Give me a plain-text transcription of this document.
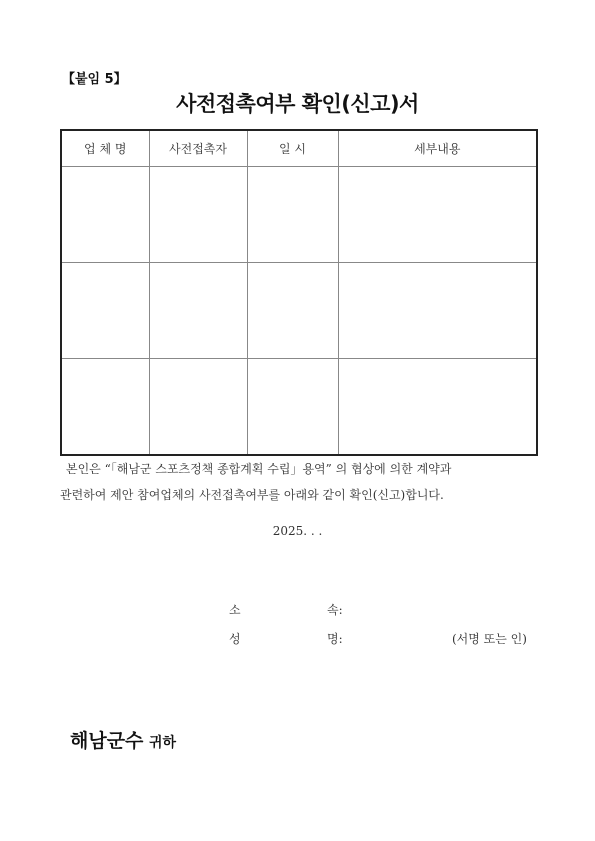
【붙임 5】
사전접촉여부 확인(신고)서
업 체 명	사전접촉자	일 시	세부내용

본인은 “「해남군 스포츠정책 종합계획 수립」용역” 의 협상에 의한 계약과

관련하여 제안 참여업체의 사전접촉여부를 아래와 같이 확인(신고)합니다.

2025. . .
소	속:
성	명:	(서명 또는 인)
해남군수 귀하
